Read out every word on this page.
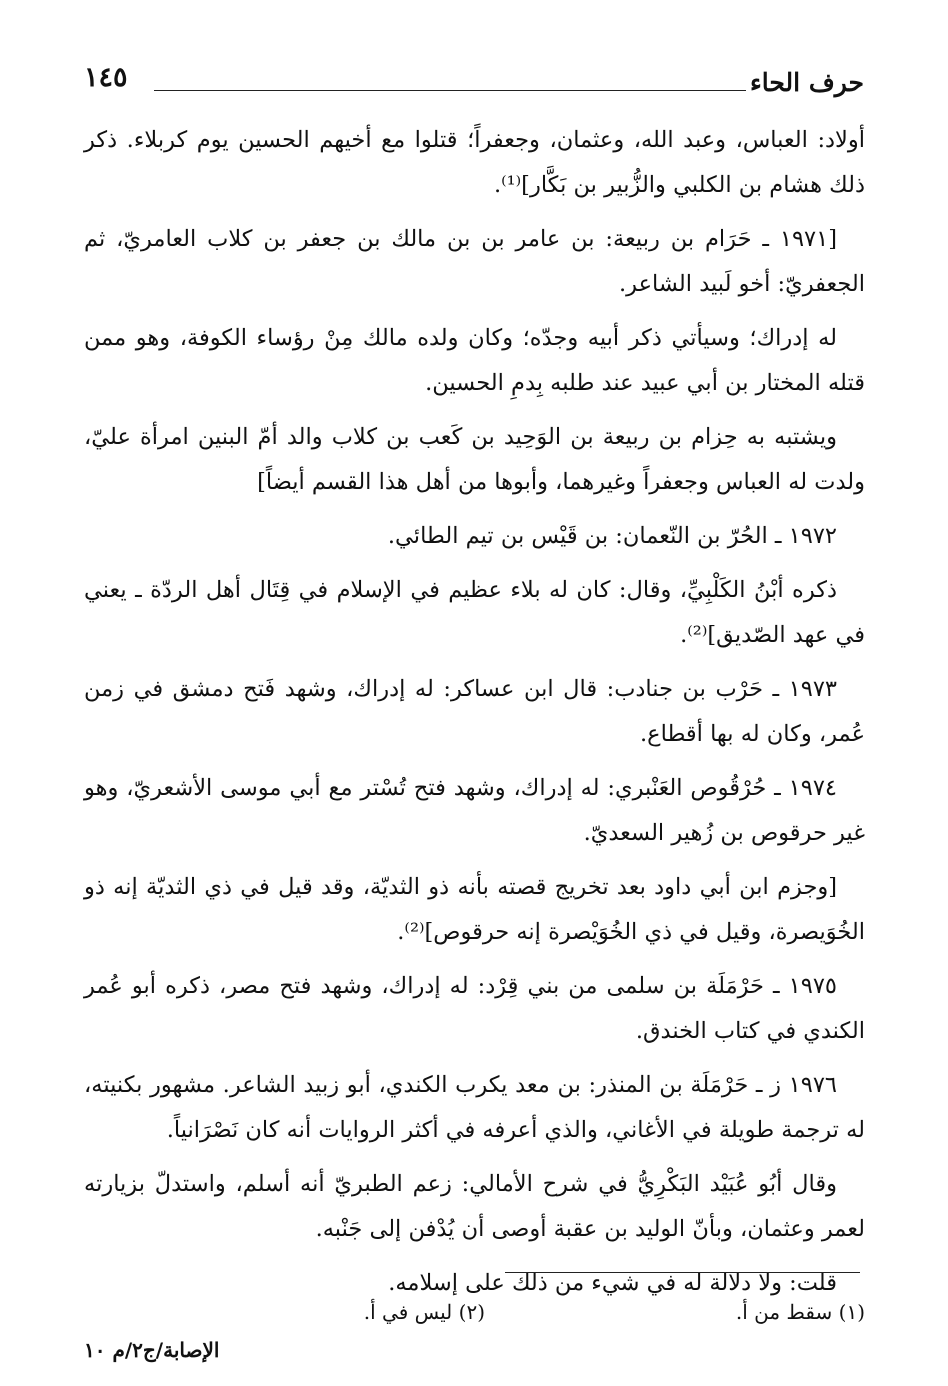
١٤٥	حرف الحاء

أولاد: العباس، وعبد الله، وعثمان، وجعفراً؛ قتلوا مع أخيهم الحسين يوم كربلاء. ذكر ذلك هشام بن الكلبي والزُّبير بن بَكَّار]⁽¹⁾.

[١٩٧١ ـ حَرَام بن ربيعة: بن عامر بن بن مالك بن جعفر بن كلاب العامريّ، ثم الجعفريّ: أخو لَبيد الشاعر.

له إدراك؛ وسيأتي ذكر أبيه وجدّه؛ وكان ولده مالك مِنْ رؤساء الكوفة، وهو ممن قتله المختار بن أبي عبيد عند طلبه بِدمِ الحسين.

ويشتبه به حِزام بن ربيعة بن الوَحِيد بن كَعب بن كلاب والد أمّ البنين امرأة عليّ، ولدت له العباس وجعفراً وغيرهما، وأبوها من أهل هذا القسم أيضاً]

١٩٧٢ ـ الحُرّ بن النّعمان: بن قَيْس بن تيم الطائي.

ذكره أبْنُ الكَلْبِيِّ، وقال: كان له بلاء عظيم في الإسلام في قِتَال أهل الردّة ـ يعني في عهد الصّديق]⁽²⁾.

١٩٧٣ ـ حَرْب بن جنادب: قال ابن عساكر: له إدراك، وشهد فَتح دمشق في زمن عُمر، وكان له بها أقطاع.

١٩٧٤ ـ حُرْقُوص العَنْبري: له إدراك، وشهد فتح تُسْتر مع أبي موسى الأشعريّ، وهو غير حرقوص بن زُهير السعديّ.

[وجزم ابن أبي داود بعد تخريج قصته بأنه ذو الثديّة، وقد قيل في ذي الثديّة إنه ذو الخُوَيصرة، وقيل في ذي الخُوَيْصرة إنه حرقوص]⁽²⁾.

١٩٧٥ ـ حَرْمَلَة بن سلمى من بني قِرْد: له إدراك، وشهد فتح مصر، ذكره أبو عُمر الكندي في كتاب الخندق.

١٩٧٦ ز ـ حَرْمَلَة بن المنذر: بن معد يكرب الكندي، أبو زبيد الشاعر. مشهور بكنيته، له ترجمة طويلة في الأغاني، والذي أعرفه في أكثر الروايات أنه كان نَصْرَانياً.

وقال أبُو عُبَيْد البَكْرِيُّ في شرح الأمالي: زعم الطبريّ أنه أسلم، واستدلّ بزيارته لعمر وعثمان، وبأنّ الوليد بن عقبة أوصى أن يُدْفن إلى جَنْبه.

قلت: ولا دلالة له في شيء من ذلك على إسلامه.

(١) سقط من أ.
(٢) ليس في أ.
الإصابة/ج٢/م ١٠
